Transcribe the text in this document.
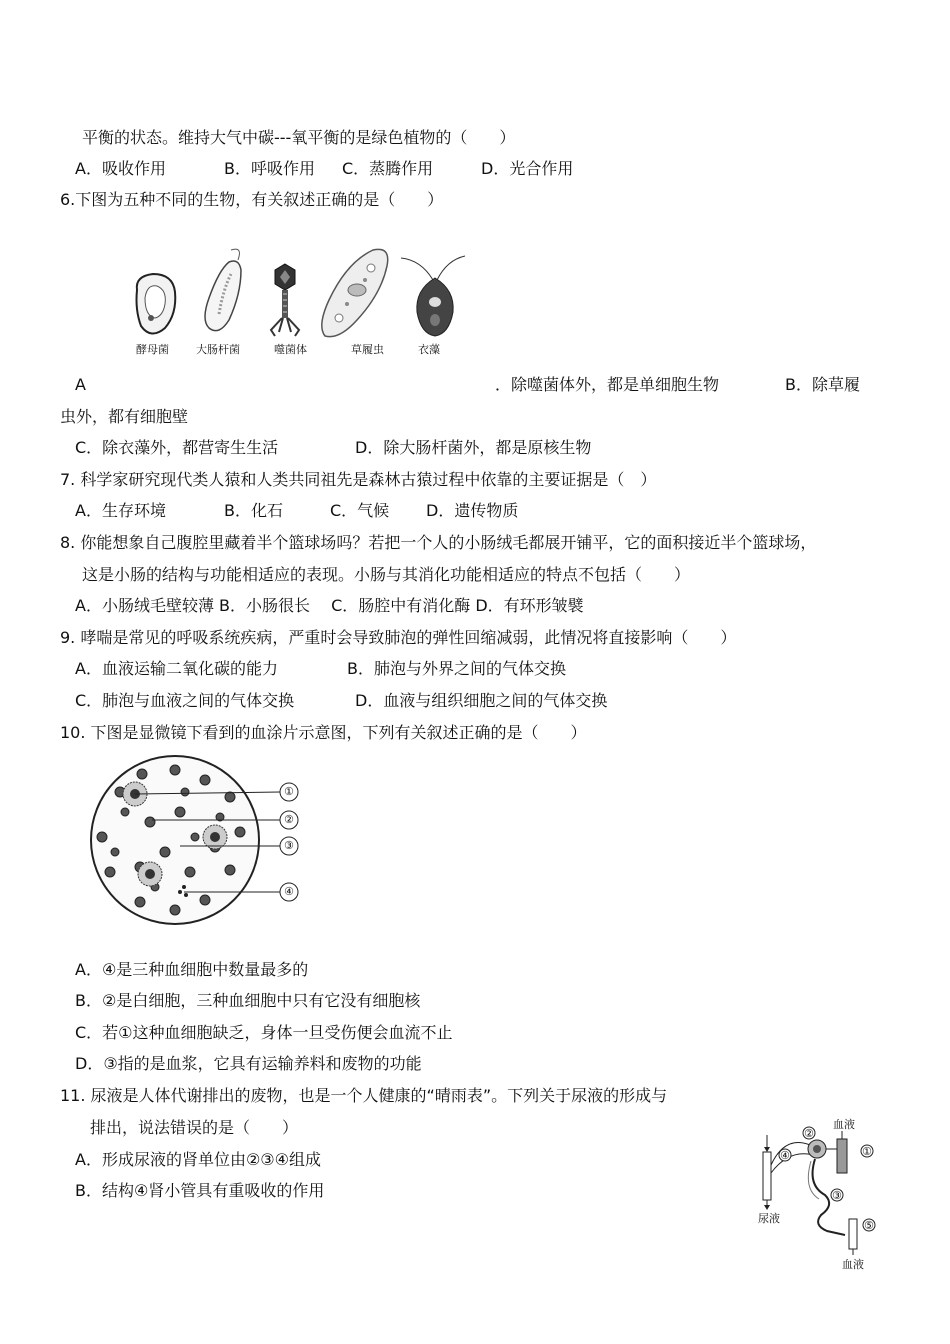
平衡的状态。维持大气中碳---氧平衡的是绿色植物的（　　）
A．吸收作用	B．呼吸作用 C．蒸腾作用	D．光合作用
6.下图为五种不同的生物，有关叙述正确的是（　　）
酵母菌 大肠杆菌	噬菌体	草履虫	衣藻
A	．除噬菌体外，都是单细胞生物	B．除草履
虫外，都有细胞壁
C．除衣藻外，都营寄生生活	D．除大肠杆菌外，都是原核生物
7. 科学家研究现代类人猿和人类共同祖先是森林古猿过程中依靠的主要证据是（　）
A．生存环境	B．化石	C．气候 D．遗传物质
8. 你能想象自己腹腔里藏着半个篮球场吗？若把一个人的小肠绒毛都展开铺平，它的面积接近半个篮球场，
这是小肠的结构与功能相适应的表现。小肠与其消化功能相适应的特点不包括（　　）
A．小肠绒毛壁较薄 B．小肠很长　 C．肠腔中有消化酶 D．有环形皱襞
9. 哮喘是常见的呼吸系统疾病，严重时会导致肺泡的弹性回缩减弱，此情况将直接影响（　　）
A．血液运输二氧化碳的能力	B．肺泡与外界之间的气体交换
C．肺泡与血液之间的气体交换	D．血液与组织细胞之间的气体交换
10. 下图是显微镜下看到的血涂片示意图，下列有关叙述正确的是（　　）
①
②
③
④
A．④是三种血细胞中数量最多的
B．②是白细胞，三种血细胞中只有它没有细胞核
C．若①这种血细胞缺乏，身体一旦受伤便会血流不止
D．③指的是血浆，它具有运输养料和废物的功能
11. 尿液是人体代谢排出的废物，也是一个人健康的“晴雨表”。下列关于尿液的形成与
排出，说法错误的是（　　）
A．形成尿液的肾单位由②③④组成
B．结构④肾小管具有重吸收的作用
血液
尿液
血液
①
②
③
④
⑤
